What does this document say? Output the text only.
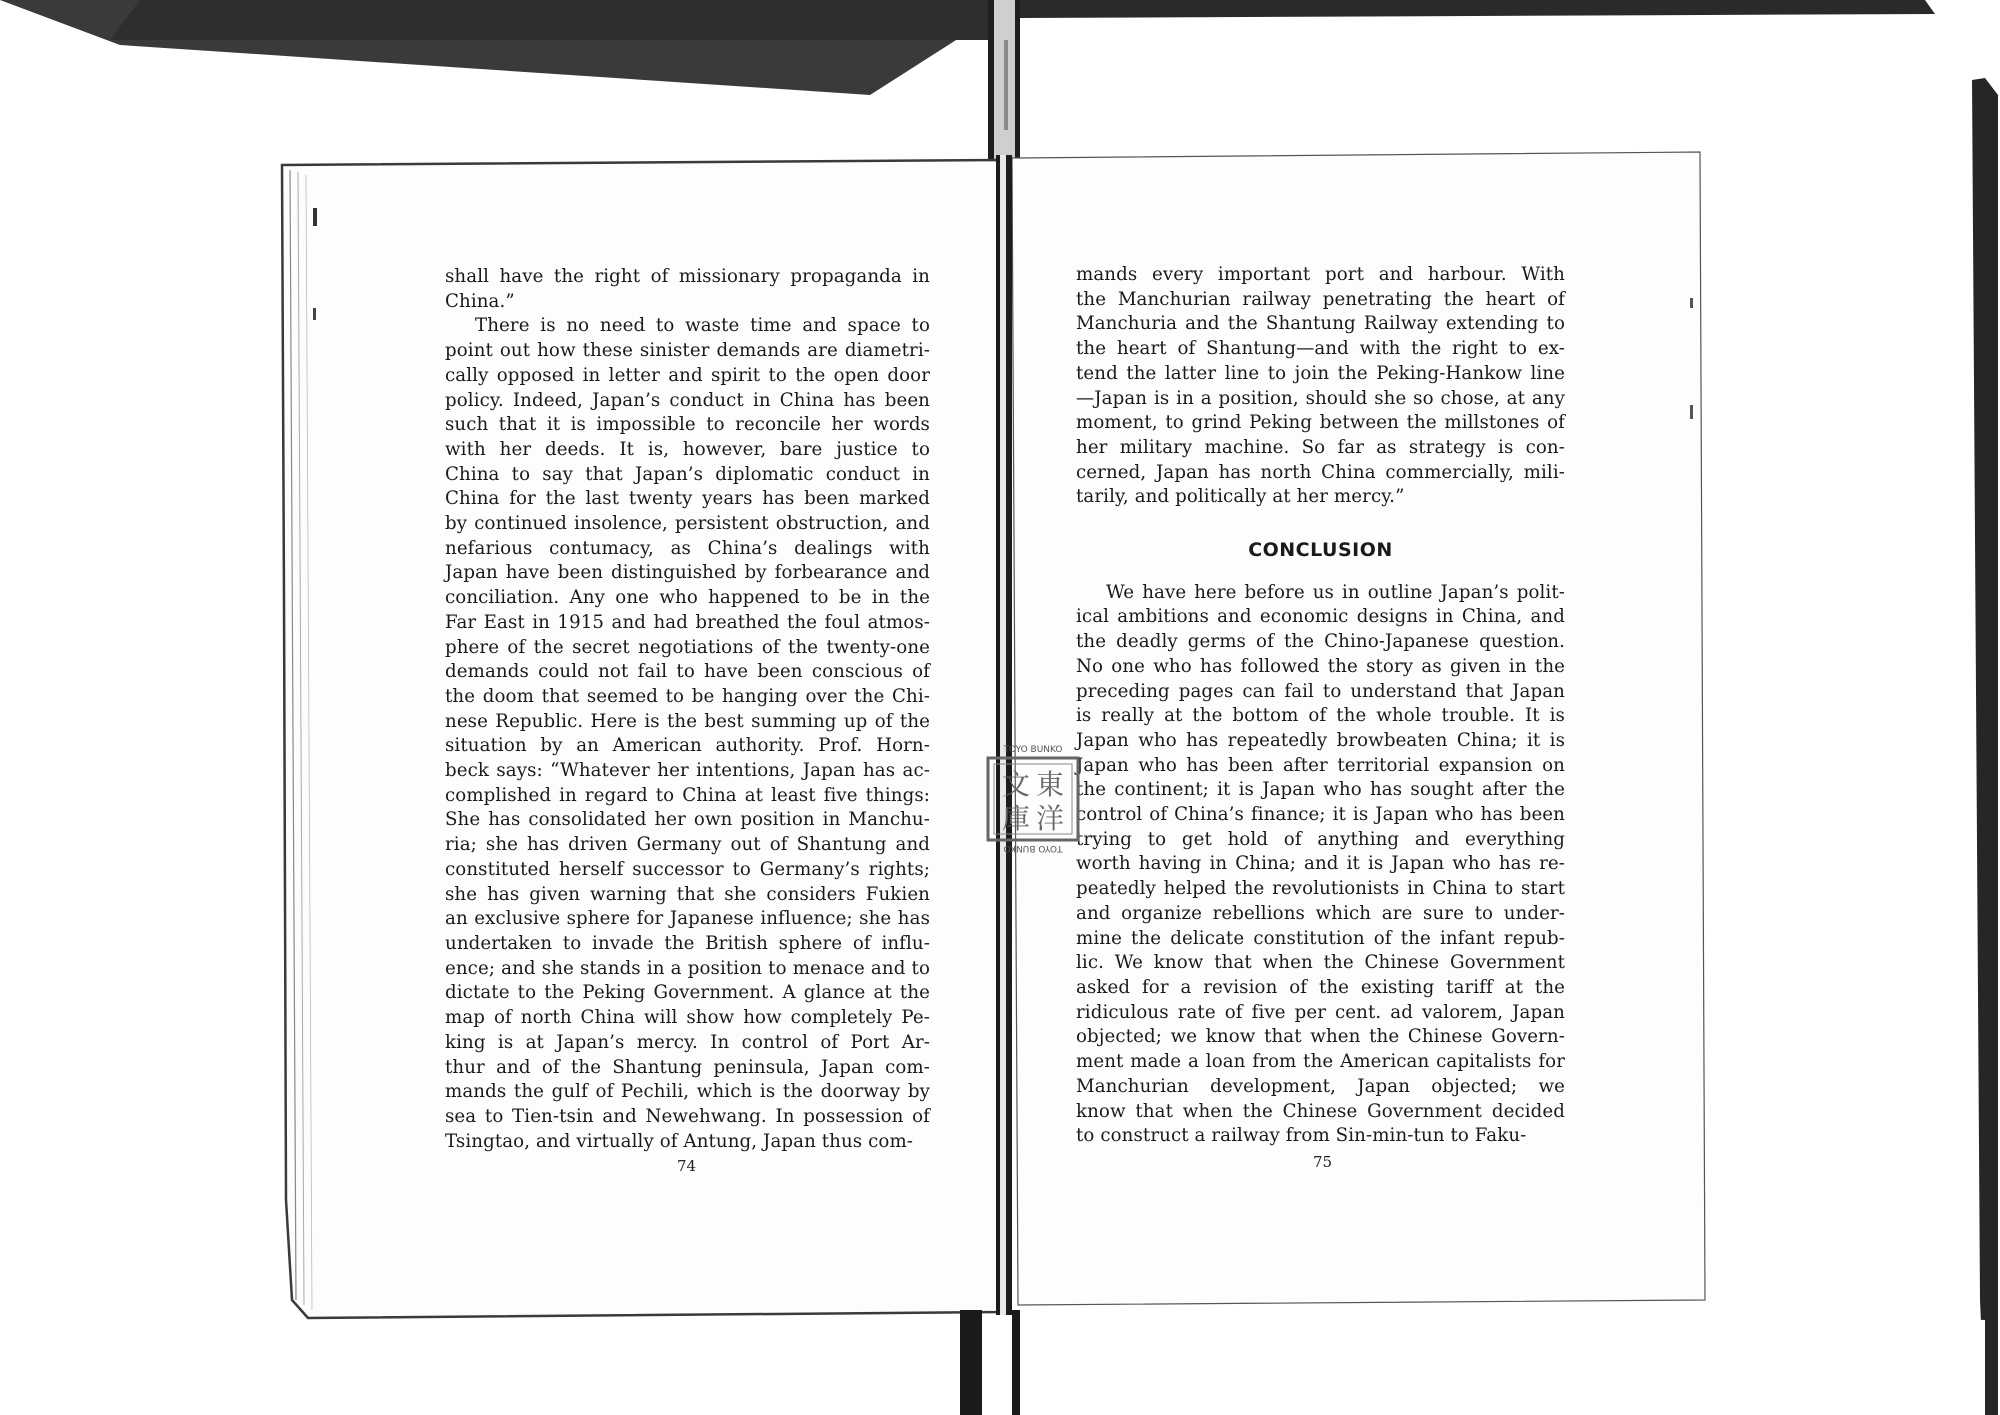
shall have the right of missionary propaganda in
China.”
There is no need to waste time and space to
point out how these sinister demands are diametri-
cally opposed in letter and spirit to the open door
policy. Indeed, Japan’s conduct in China has been
such that it is impossible to reconcile her words
with her deeds. It is, however, bare justice to
China to say that Japan’s diplomatic conduct in
China for the last twenty years has been marked
by continued insolence, persistent obstruction, and
nefarious contumacy, as China’s dealings with
Japan have been distinguished by forbearance and
conciliation. Any one who happened to be in the
Far East in 1915 and had breathed the foul atmos-
phere of the secret negotiations of the twenty-one
demands could not fail to have been conscious of
the doom that seemed to be hanging over the Chi-
nese Republic. Here is the best summing up of the
situation by an American authority. Prof. Horn-
beck says: “Whatever her intentions, Japan has ac-
complished in regard to China at least five things:
She has consolidated her own position in Manchu-
ria; she has driven Germany out of Shantung and
constituted herself successor to Germany’s rights;
she has given warning that she considers Fukien
an exclusive sphere for Japanese influence; she has
undertaken to invade the British sphere of influ-
ence; and she stands in a position to menace and to
dictate to the Peking Government. A glance at the
map of north China will show how completely Pe-
king is at Japan’s mercy. In control of Port Ar-
thur and of the Shantung peninsula, Japan com-
mands the gulf of Pechili, which is the doorway by
sea to Tien-tsin and Newehwang. In possession of
Tsingtao, and virtually of Antung, Japan thus com-
74
mands every important port and harbour. With
the Manchurian railway penetrating the heart of
Manchuria and the Shantung Railway extending to
the heart of Shantung—and with the right to ex-
tend the latter line to join the Peking-Hankow line
—Japan is in a position, should she so chose, at any
moment, to grind Peking between the millstones of
her military machine. So far as strategy is con-
cerned, Japan has north China commercially, mili-
tarily, and politically at her mercy.”
CONCLUSION
We have here before us in outline Japan’s polit-
ical ambitions and economic designs in China, and
the deadly germs of the Chino-Japanese question.
No one who has followed the story as given in the
preceding pages can fail to understand that Japan
is really at the bottom of the whole trouble. It is
Japan who has repeatedly browbeaten China; it is
Japan who has been after territorial expansion on
the continent; it is Japan who has sought after the
control of China’s finance; it is Japan who has been
trying to get hold of anything and everything
worth having in China; and it is Japan who has re-
peatedly helped the revolutionists in China to start
and organize rebellions which are sure to under-
mine the delicate constitution of the infant repub-
lic. We know that when the Chinese Government
asked for a revision of the existing tariff at the
ridiculous rate of five per cent. ad valorem, Japan
objected; we know that when the Chinese Govern-
ment made a loan from the American capitalists for
Manchurian development, Japan objected; we
know that when the Chinese Government decided
to construct a railway from Sin-min-tun to Faku-
75
TOYO BUNKO
東
洋
文
庫
TOYO BUNKO
